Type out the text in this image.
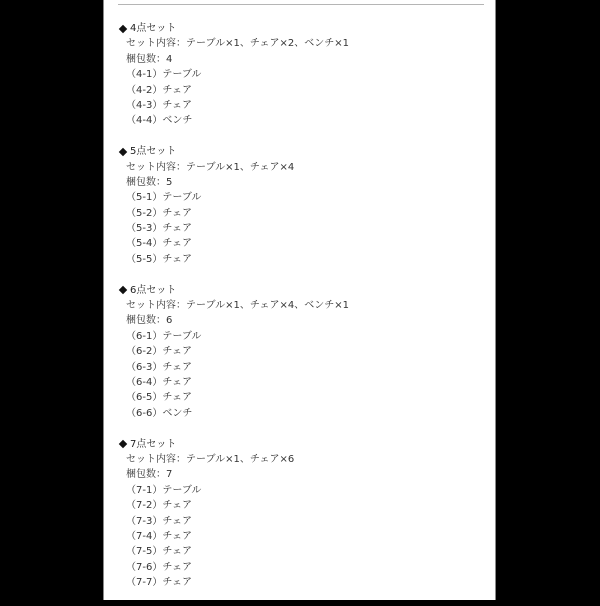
4点セット
セット内容：テーブル×1、チェア×2、ベンチ×1
梱包数：4
（4-1）テーブル
（4-2）チェア
（4-3）チェア
（4-4）ベンチ
5点セット
セット内容：テーブル×1、チェア×4
梱包数：5
（5-1）テーブル
（5-2）チェア
（5-3）チェア
（5-4）チェア
（5-5）チェア
6点セット
セット内容：テーブル×1、チェア×4、ベンチ×1
梱包数：6
（6-1）テーブル
（6-2）チェア
（6-3）チェア
（6-4）チェア
（6-5）チェア
（6-6）ベンチ
7点セット
セット内容：テーブル×1、チェア×6
梱包数：7
（7-1）テーブル
（7-2）チェア
（7-3）チェア
（7-4）チェア
（7-5）チェア
（7-6）チェア
（7-7）チェア
